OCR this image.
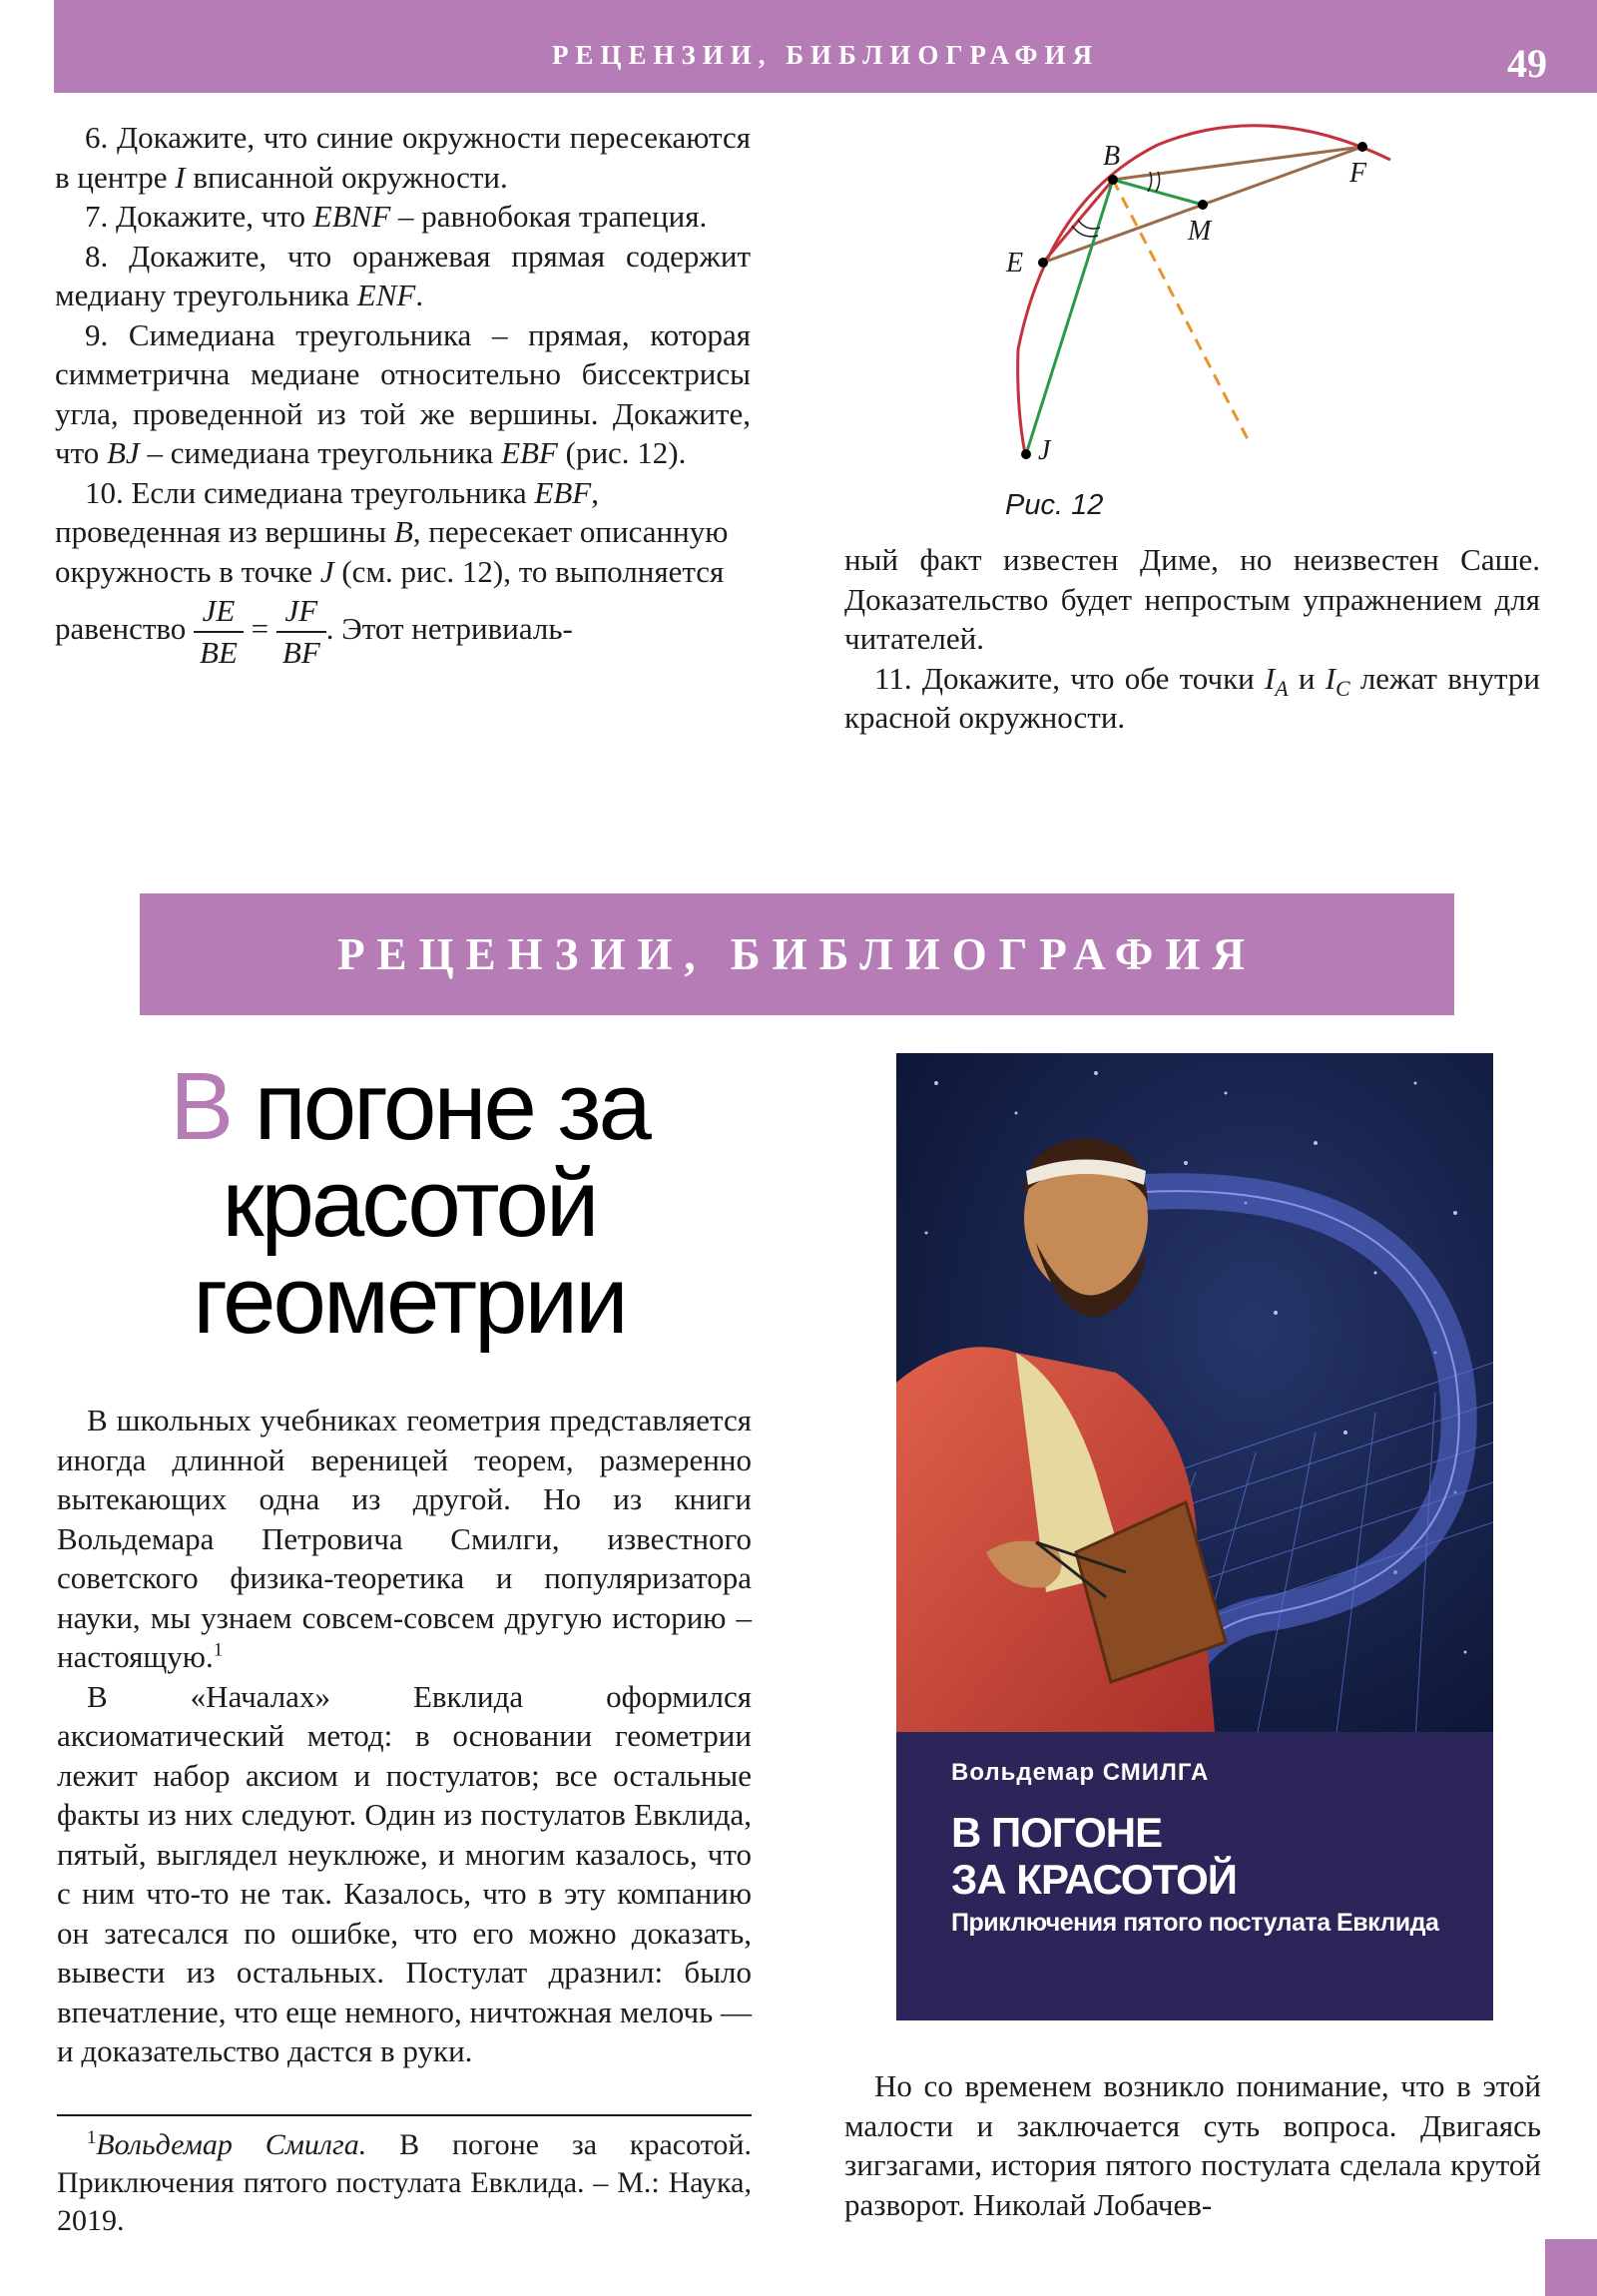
РЕЦЕНЗИИ, БИБЛИОГРАФИЯ	49

6. Докажите, что синие окружности пересекаются в центре I вписанной окружности.

7. Докажите, что EBNF – равнобокая трапеция.

8. Докажите, что оранжевая прямая содержит медиану треугольника ENF.

9. Симедиана треугольника – прямая, которая симметрична медиане относительно биссектрисы угла, проведенной из той же вершины. Докажите, что BJ – симедиана треугольника EBF (рис. 12).

10. Если симедиана треугольника EBF, проведенная из вершины B, пересекает описанную окружность в точке J (см. рис. 12), то выполняется равенство $\frac{JE}{BE} = \frac{JF}{BF}$ . Этот нетривиаль-

B
F
M
E
J
Рис. 12

ный факт известен Диме, но неизвестен Саше. Доказательство будет непростым упражнением для читателей.

11. Докажите, что обе точки $I_A$ и $I_C$ лежат внутри красной окружности.

РЕЦЕНЗИИ, БИБЛИОГРАФИЯ
В погоне за
красотой
геометрии
Вольдемар СМИЛГА
В ПОГОНЕ
ЗА КРАСОТОЙ
Приключения пятого постулата Евклида

В школьных учебниках геометрия представляется иногда длинной вереницей теорем, размеренно вытекающих одна из другой. Но из книги Вольдемара Петровича Смилги, известного советского физика-теоретика и популяризатора науки, мы узнаем совсем-совсем другую историю – настоящую.$^1$

В «Началах» Евклида оформился аксиоматический метод: в основании геометрии лежит набор аксиом и постулатов; все остальные факты из них следуют. Один из постулатов Евклида, пятый, выглядел неуклюже, и многим казалось, что с ним что-то не так. Казалось, что в эту компанию он затесался по ошибке, что его можно доказать, вывести из остальных. Постулат дразнил: было впечатление, что еще немного, ничтожная мелочь — и доказательство дастся в руки.

$^1$Вольдемар Смилга. В погоне за красотой. Приключения пятого постулата Евклида. – М.: Наука, 2019.

Но со временем возникло понимание, что в этой малости и заключается суть вопроса. Двигаясь зигзагами, история пятого постулата сделала крутой разворот. Николай Лобачев-
